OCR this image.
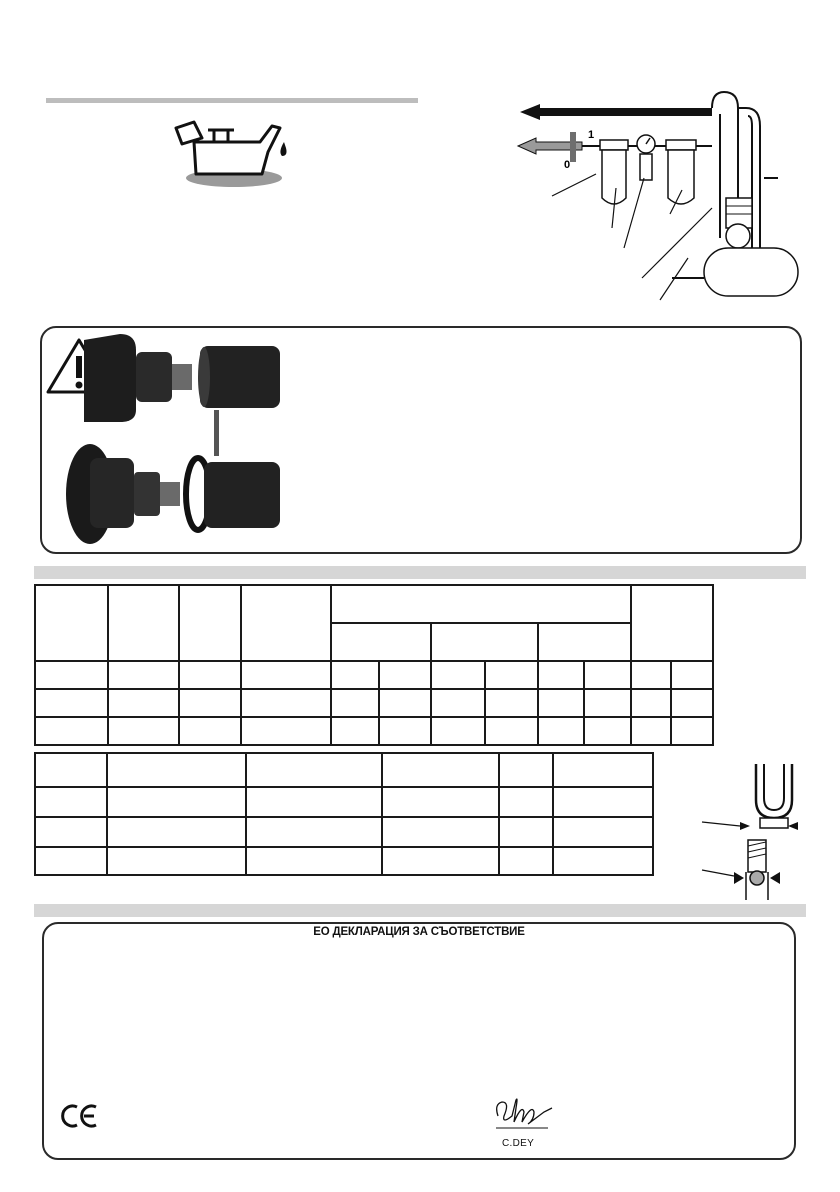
1
0

ЕО ДЕКЛАРАЦИЯ ЗА СЪОТВЕТСТВИЕ
C.DEY
